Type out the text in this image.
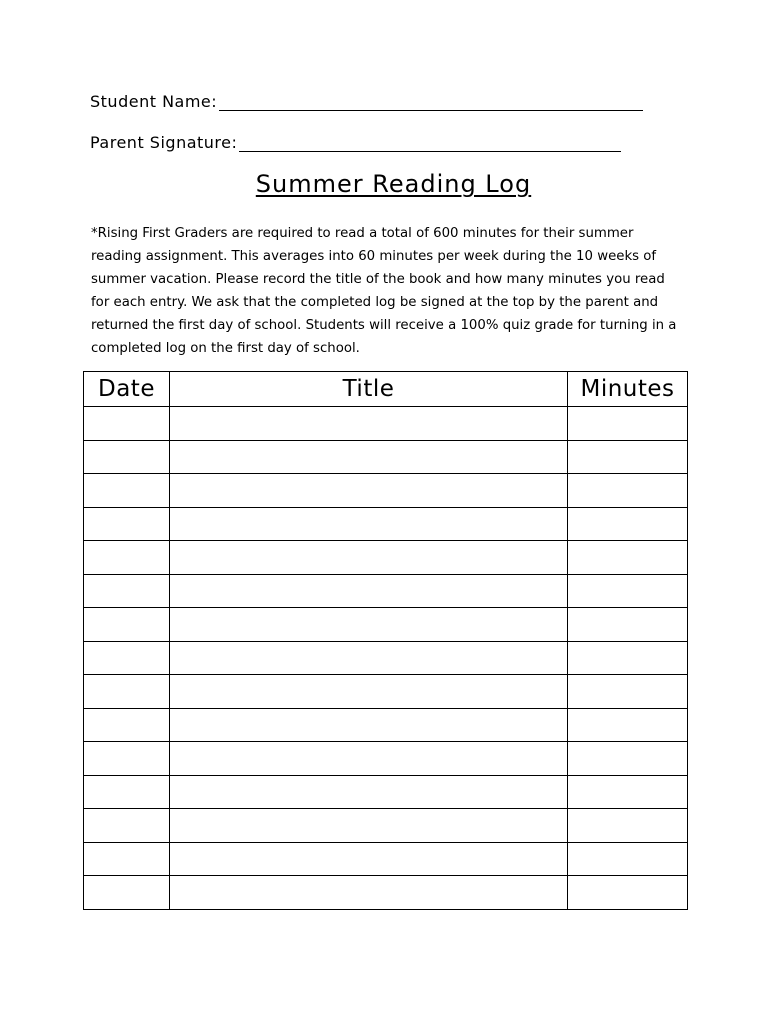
Student Name:
Parent Signature:
Summer Reading Log

*Rising First Graders are required to read a total of 600 minutes for their summer reading assignment. This averages into 60 minutes per week during the 10 weeks of summer vacation. Please record the title of the book and how many minutes you read for each entry. We ask that the completed log be signed at the top by the parent and returned the first day of school. Students will receive a 100% quiz grade for turning in a completed log on the first day of school.

Date	Title	Minutes
